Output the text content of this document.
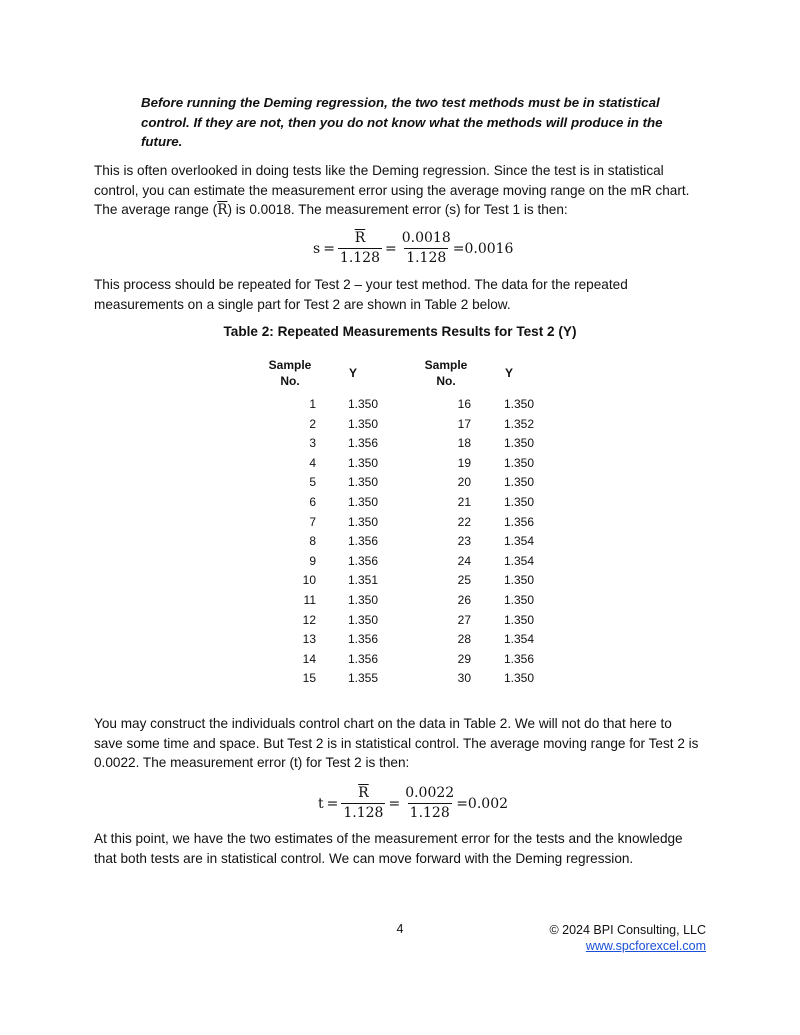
Before running the Deming regression, the two test methods must be in statistical control. If they are not, then you do not know what the methods will produce in the future.
This is often overlooked in doing tests like the Deming regression. Since the test is in statistical
control, you can estimate the measurement error using the average moving range on the mR chart.
The average range $(\overline{R})$ is 0.0018. The measurement error (s) for Test 1 is then:
$s = \frac{\overline{R}}{1.128} = \frac{0.0018}{1.128} =0.0016$
This process should be repeated for Test 2 – your test method. The data for the repeated
measurements on a single part for Test 2 are shown in Table 2 below.
Table 2: Repeated Measurements Results for Test 2 (Y)
Sample
No.
Y
Sample
No.
Y
1
2
3
4
5
6
7
8
9
10
11
12
13
14
15
1.350
1.350
1.356
1.350
1.350
1.350
1.350
1.356
1.356
1.351
1.350
1.350
1.356
1.356
1.355
16
17
18
19
20
21
22
23
24
25
26
27
28
29
30
1.350
1.352
1.350
1.350
1.350
1.350
1.356
1.354
1.354
1.350
1.350
1.350
1.354
1.356
1.350
You may construct the individuals control chart on the data in Table 2. We will not do that here to
save some time and space. But Test 2 is in statistical control. The average moving range for Test 2 is
0.0022. The measurement error (t) for Test 2 is then:
$t = \frac{\overline{R}}{1.128} = \frac{0.0022}{1.128} =0.002$
At this point, we have the two estimates of the measurement error for the tests and the knowledge
that both tests are in statistical control. We can move forward with the Deming regression.
4	© 2024 BPI Consulting, LLC
www.spcforexcel.com
